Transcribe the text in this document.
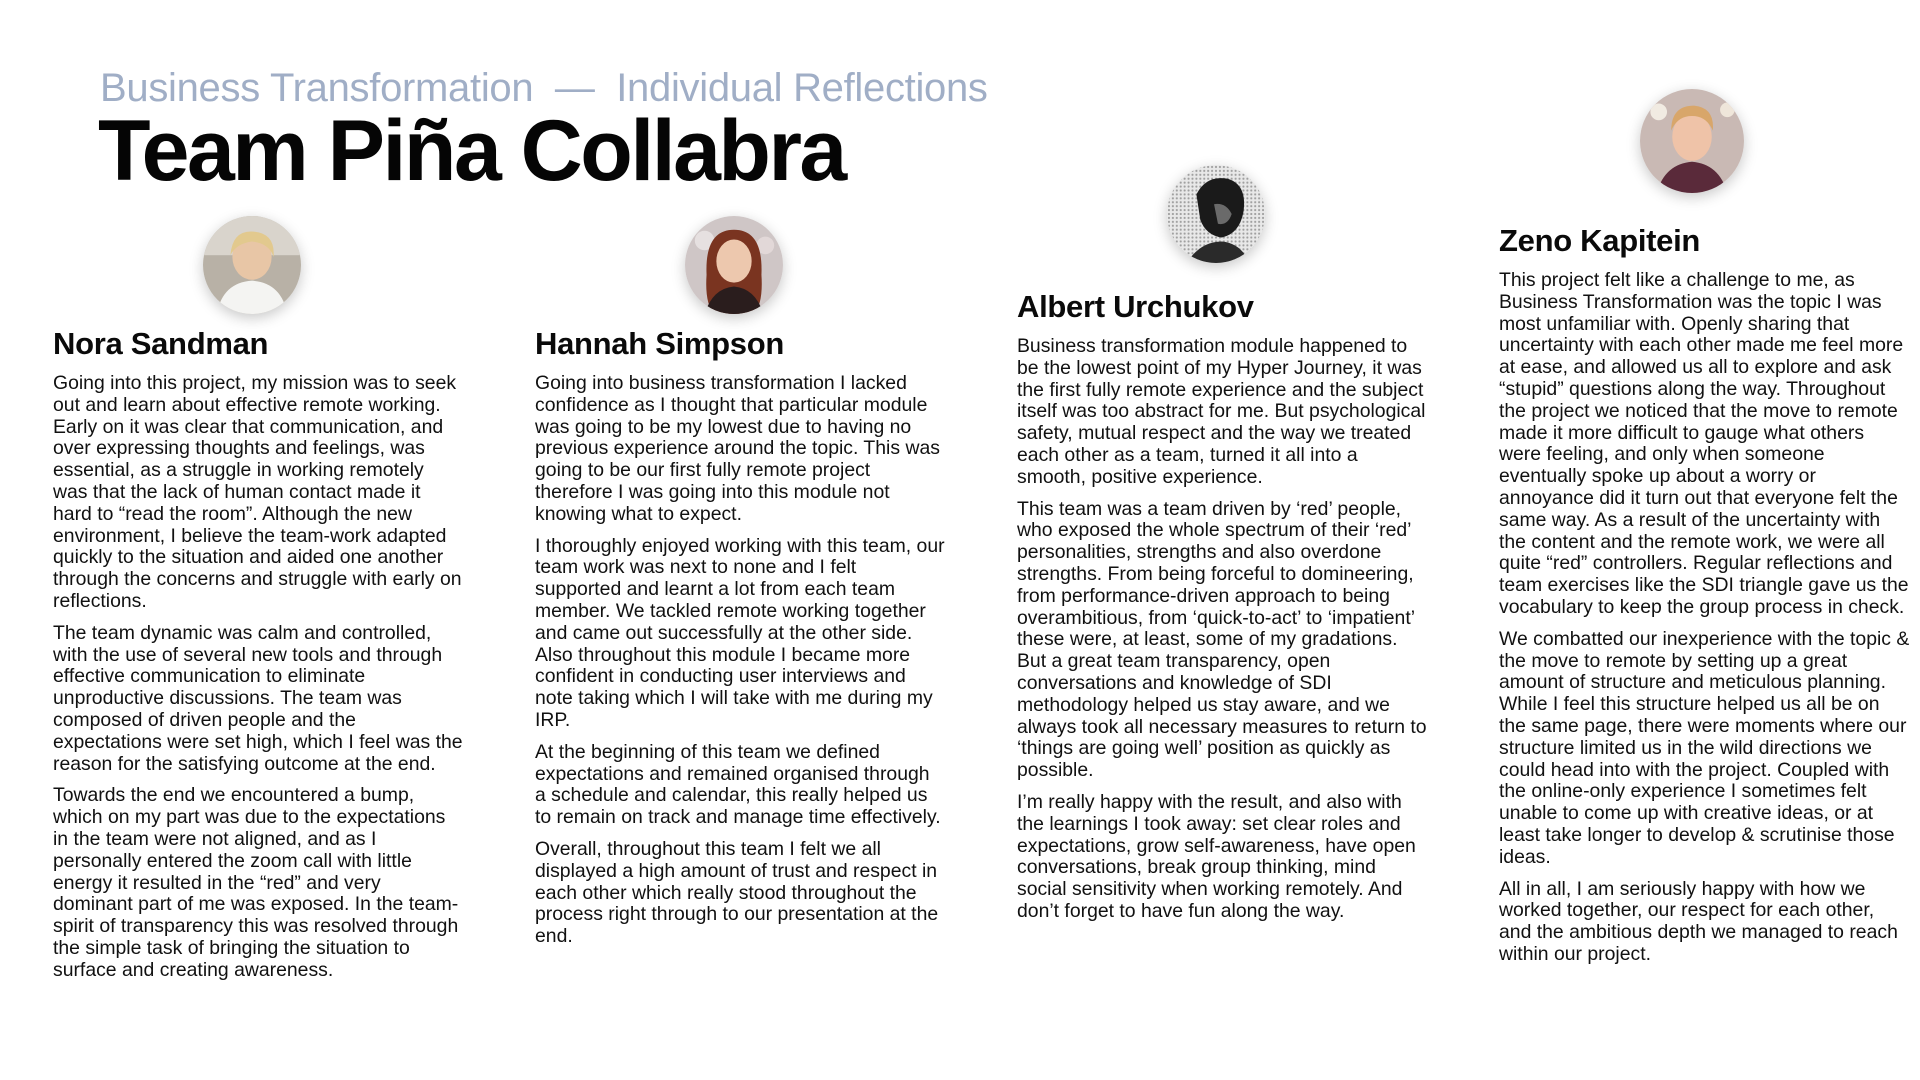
Business Transformation  —  Individual Reflections
Team Piña Collabra
Nora Sandman

Going into this project, my mission was to seek out and learn about effective remote working. Early on it was clear that communication, and over expressing thoughts and feelings, was essential, as a struggle in working remotely was that the lack of human contact made it hard to “read the room”. Although the new environment, I believe the team-work adapted quickly to the situation and aided one another through the concerns and struggle with early on reflections.

The team dynamic was calm and controlled, with the use of several new tools and through effective communication to eliminate unproductive discussions. The team was composed of driven people and the expectations were set high, which I feel was the reason for the satisfying outcome at the end.

Towards the end we encountered a bump, which on my part was due to the expectations in the team were not aligned, and as I personally entered the zoom call with little energy it resulted in the “red” and very dominant part of me was exposed. In the team-spirit of transparency this was resolved through the simple task of bringing the situation to surface and creating awareness.

Hannah Simpson

Going into business transformation I lacked confidence as I thought that particular module was going to be my lowest due to having no previous experience around the topic. This was going to be our first fully remote project therefore I was going into this module not knowing what to expect.

I thoroughly enjoyed working with this team, our team work was next to none and I felt supported and learnt a lot from each team member. We tackled remote working together and came out successfully at the other side. Also throughout this module I became more confident in conducting user interviews and note taking which I will take with me during my IRP.

At the beginning of this team we defined expectations and remained organised through a schedule and calendar, this really helped us to remain on track and manage time effectively.

Overall, throughout this team I felt we all displayed a high amount of trust and respect in each other which really stood throughout the process right through to our presentation at the end.

Albert Urchukov

Business transformation module happened to be the lowest point of my Hyper Journey, it was the first fully remote experience and the subject itself was too abstract for me. But psychological safety, mutual respect and the way we treated each other as a team, turned it all into a smooth, positive experience.

This team was a team driven by ‘red’ people, who exposed the whole spectrum of their ‘red’ personalities, strengths and also overdone strengths. From being forceful to domineering, from performance-driven approach to being overambitious, from ‘quick-to-act’ to ‘impatient’ these were, at least, some of my gradations. But a great team transparency, open conversations and knowledge of SDI methodology helped us stay aware, and we always took all necessary measures to return to ‘things are going well’ position as quickly as possible.

I’m really happy with the result, and also with the learnings I took away: set clear roles and expectations, grow self-awareness, have open conversations, break group thinking, mind social sensitivity when working remotely. And don’t forget to have fun along the way.

Zeno Kapitein

This project felt like a challenge to me, as Business Transformation was the topic I was most unfamiliar with. Openly sharing that uncertainty with each other made me feel more at ease, and allowed us all to explore and ask “stupid” questions along the way. Throughout the project we noticed that the move to remote made it more difficult to gauge what others were feeling, and only when someone eventually spoke up about a worry or annoyance did it turn out that everyone felt the same way. As a result of the uncertainty with the content and the remote work, we were all quite “red” controllers. Regular reflections and team exercises like the SDI triangle gave us the vocabulary to keep the group process in check.

We combatted our inexperience with the topic & the move to remote by setting up a great amount of structure and meticulous planning. While I feel this structure helped us all be on the same page, there were moments where our structure limited us in the wild directions we could head into with the project. Coupled with the online-only experience I sometimes felt unable to come up with creative ideas, or at least take longer to develop & scrutinise those ideas.

All in all, I am seriously happy with how we worked together, our respect for each other, and the ambitious depth we managed to reach within our project.
